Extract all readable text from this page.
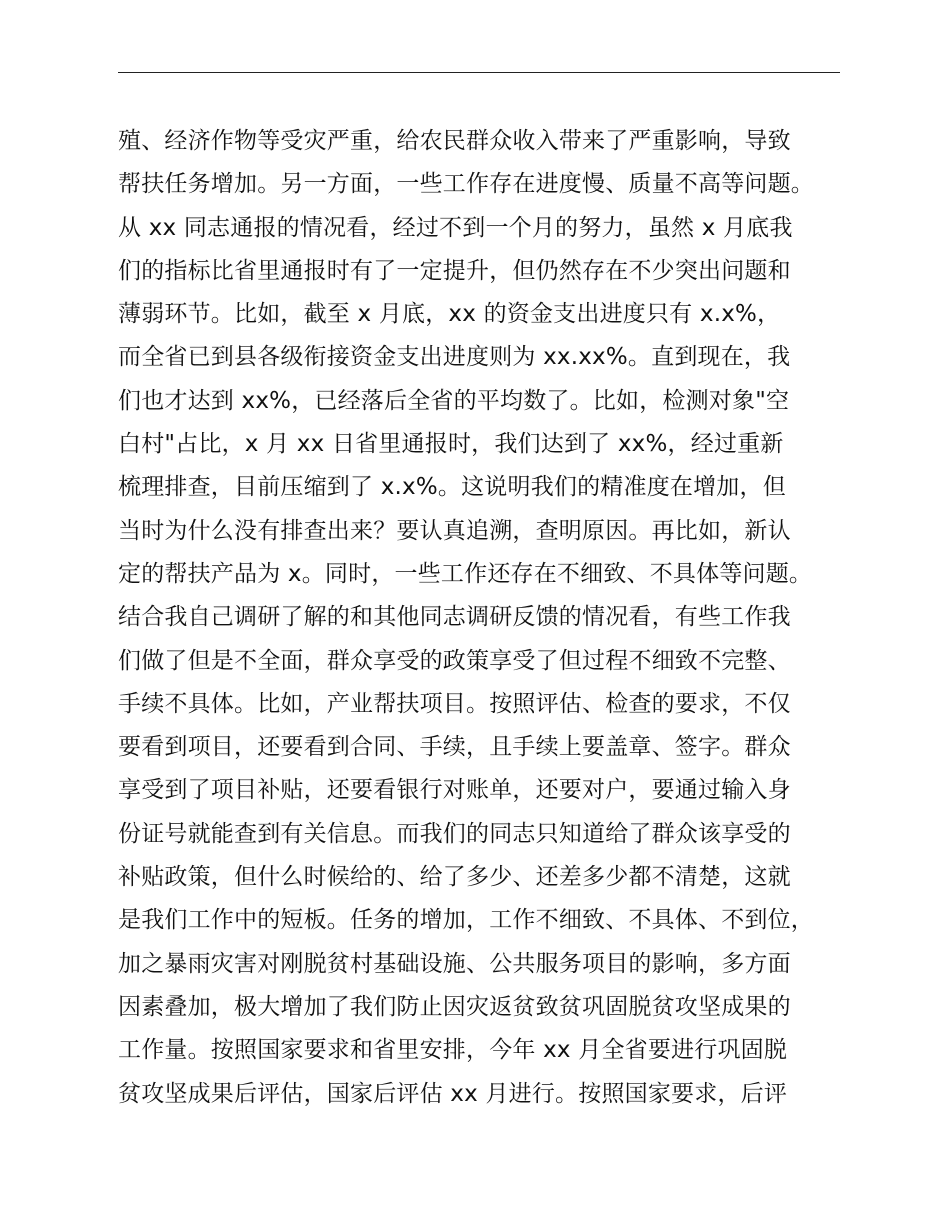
殖、经济作物等受灾严重，给农民群众收入带来了严重影响，导致
帮扶任务增加。另一方面，一些工作存在进度慢、质量不高等问题。
从 xx 同志通报的情况看，经过不到一个月的努力，虽然 x 月底我
们的指标比省里通报时有了一定提升，但仍然存在不少突出问题和
薄弱环节。比如，截至 x 月底，xx 的资金支出进度只有 x.x%，
而全省已到县各级衔接资金支出进度则为 xx.xx%。直到现在，我
们也才达到 xx%，已经落后全省的平均数了。比如，检测对象"空
白村"占比，x 月 xx 日省里通报时，我们达到了 xx%，经过重新
梳理排查，目前压缩到了 x.x%。这说明我们的精准度在增加，但
当时为什么没有排查出来？要认真追溯，查明原因。再比如，新认
定的帮扶产品为 x。同时，一些工作还存在不细致、不具体等问题。
结合我自己调研了解的和其他同志调研反馈的情况看，有些工作我
们做了但是不全面，群众享受的政策享受了但过程不细致不完整、
手续不具体。比如，产业帮扶项目。按照评估、检查的要求，不仅
要看到项目，还要看到合同、手续，且手续上要盖章、签字。群众
享受到了项目补贴，还要看银行对账单，还要对户，要通过输入身
份证号就能查到有关信息。而我们的同志只知道给了群众该享受的
补贴政策，但什么时候给的、给了多少、还差多少都不清楚，这就
是我们工作中的短板。任务的增加，工作不细致、不具体、不到位，
加之暴雨灾害对刚脱贫村基础设施、公共服务项目的影响，多方面
因素叠加，极大增加了我们防止因灾返贫致贫巩固脱贫攻坚成果的
工作量。按照国家要求和省里安排，今年 xx 月全省要进行巩固脱
贫攻坚成果后评估，国家后评估 xx 月进行。按照国家要求，后评
